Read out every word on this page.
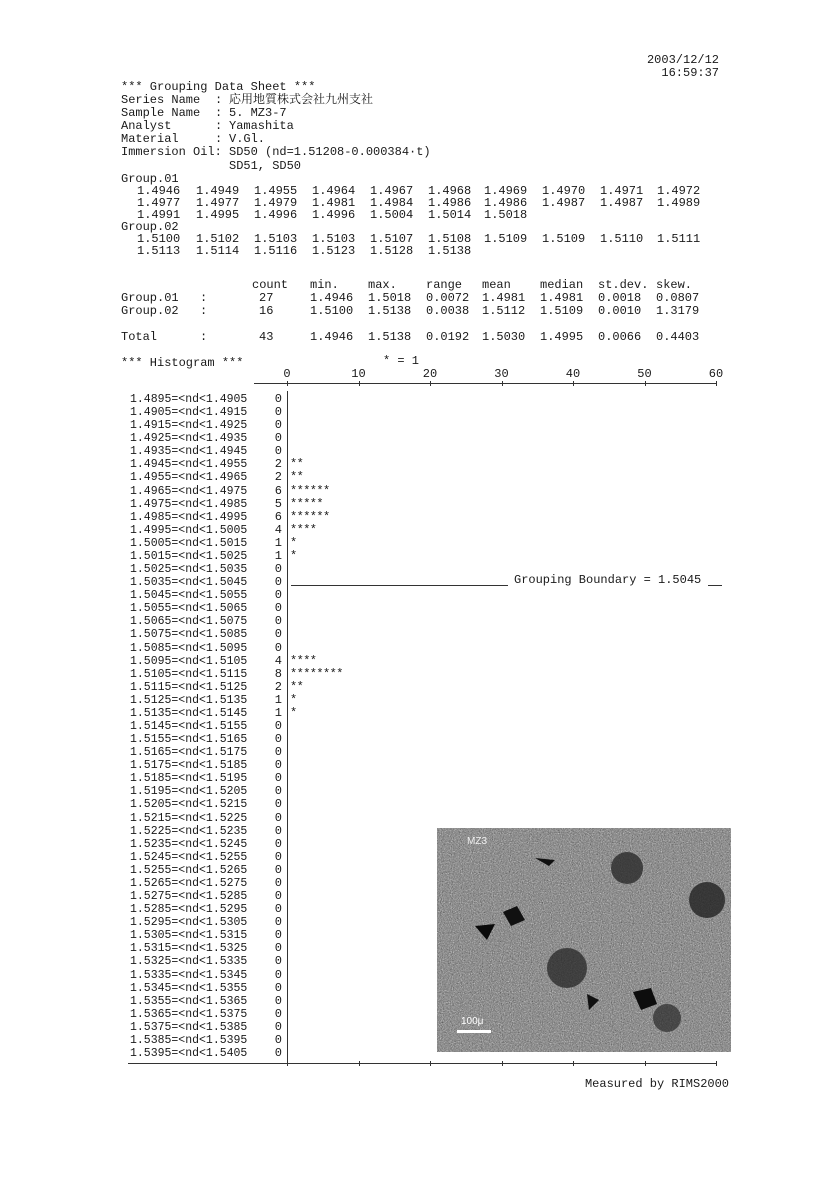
2003/12/12
16:59:37
*** Grouping Data Sheet ***
Series Name : 応用地質株式会社九州支社
Sample Name : 5. MZ3-7
Analyst	: Yamashita
Material	: V.Gl.
Immersion Oil: SD50 (nd=1.51208-0.000384·t)
SD51, SD50
Group.01
1.4946 1.4949 1.4955 1.4964 1.4967 1.4968 1.4969 1.4970 1.4971 1.4972
1.4977 1.4977 1.4979 1.4981 1.4984 1.4986 1.4986 1.4987 1.4987 1.4989
1.4991 1.4995 1.4996 1.4996 1.5004 1.5014 1.5018
Group.02
1.5100 1.5102 1.5103 1.5103 1.5107 1.5108 1.5109 1.5109 1.5110 1.5111
1.5113 1.5114 1.5116 1.5123 1.5128 1.5138
count min. max. range mean median st.dev. skew.
Group.01 :	27	1.4946 1.5018 0.0072 1.4981 1.4981 0.0018 0.0807
Group.02 :	16	1.5100 1.5138 0.0038 1.5112 1.5109 0.0010 1.3179
Total	:	43	1.4946 1.5138 0.0192 1.5030 1.4995 0.0066 0.4403
*** Histogram ***	* = 1
0	10	20	30	40	50	60
1.4895=<nd<1.4905	0
1.4905=<nd<1.4915	0
1.4915=<nd<1.4925	0
1.4925=<nd<1.4935	0
1.4935=<nd<1.4945	0
1.4945=<nd<1.4955	2 **
1.4955=<nd<1.4965	2 **
1.4965=<nd<1.4975	6 ******
1.4975=<nd<1.4985	5 *****
1.4985=<nd<1.4995	6 ******
1.4995=<nd<1.5005	4 ****
1.5005=<nd<1.5015	1 *
1.5015=<nd<1.5025	1 *
1.5025=<nd<1.5035	0
1.5035=<nd<1.5045	0
1.5045=<nd<1.5055	0
1.5055=<nd<1.5065	0
1.5065=<nd<1.5075	0
1.5075=<nd<1.5085	0
1.5085=<nd<1.5095	0
1.5095=<nd<1.5105	4 ****
1.5105=<nd<1.5115	8 ********
1.5115=<nd<1.5125	2 **
1.5125=<nd<1.5135	1 *
1.5135=<nd<1.5145	1 *
1.5145=<nd<1.5155	0
1.5155=<nd<1.5165	0
1.5165=<nd<1.5175	0
1.5175=<nd<1.5185	0
1.5185=<nd<1.5195	0
1.5195=<nd<1.5205	0
1.5205=<nd<1.5215	0
1.5215=<nd<1.5225	0
1.5225=<nd<1.5235	0
1.5235=<nd<1.5245	0
1.5245=<nd<1.5255	0
1.5255=<nd<1.5265	0
1.5265=<nd<1.5275	0
1.5275=<nd<1.5285	0
1.5285=<nd<1.5295	0
1.5295=<nd<1.5305	0
1.5305=<nd<1.5315	0
1.5315=<nd<1.5325	0
1.5325=<nd<1.5335	0
1.5335=<nd<1.5345	0
1.5345=<nd<1.5355	0
1.5355=<nd<1.5365	0
1.5365=<nd<1.5375	0
1.5375=<nd<1.5385	0
1.5385=<nd<1.5395	0
1.5395=<nd<1.5405	0
Grouping Boundary = 1.5045
MZ3
100μ
Measured by RIMS2000
